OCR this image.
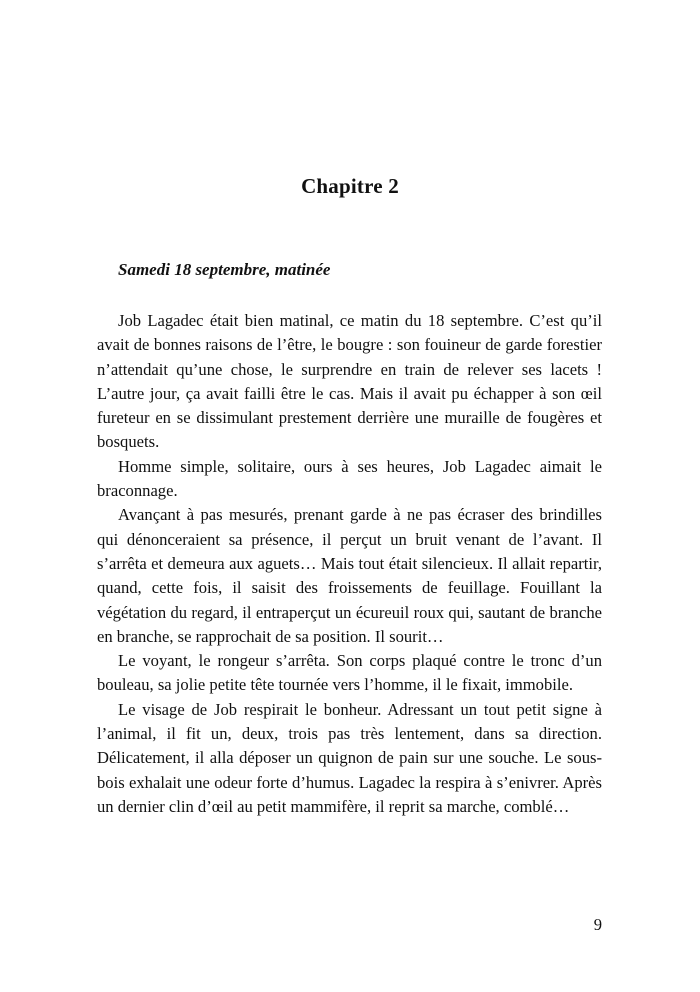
Chapitre 2
Samedi 18 septembre, matinée

Job Lagadec était bien matinal, ce matin du 18 septembre. C’est qu’il avait de bonnes raisons de l’être, le bougre : son fouineur de garde forestier n’attendait qu’une chose, le surprendre en train de relever ses lacets ! L’autre jour, ça avait failli être le cas. Mais il avait pu échapper à son œil fureteur en se dissimulant prestement derrière une muraille de fougères et bosquets.

Homme simple, solitaire, ours à ses heures, Job Lagadec aimait le braconnage.

Avançant à pas mesurés, prenant garde à ne pas écraser des brindilles qui dénonceraient sa présence, il perçut un bruit venant de l’avant. Il s’arrêta et demeura aux aguets… Mais tout était silencieux. Il allait repartir, quand, cette fois, il saisit des froissements de feuillage. Fouillant la végétation du regard, il entraperçut un écureuil roux qui, sautant de branche en branche, se rapprochait de sa position. Il sourit…

Le voyant, le rongeur s’arrêta. Son corps plaqué contre le tronc d’un bouleau, sa jolie petite tête tournée vers l’homme, il le fixait, immobile.

Le visage de Job respirait le bonheur. Adressant un tout petit signe à l’animal, il fit un, deux, trois pas très lentement, dans sa direction. Délicatement, il alla déposer un quignon de pain sur une souche. Le sous-bois exhalait une odeur forte d’humus. Lagadec la respira à s’enivrer. Après un dernier clin d’œil au petit mammifère, il reprit sa marche, comblé…

9
